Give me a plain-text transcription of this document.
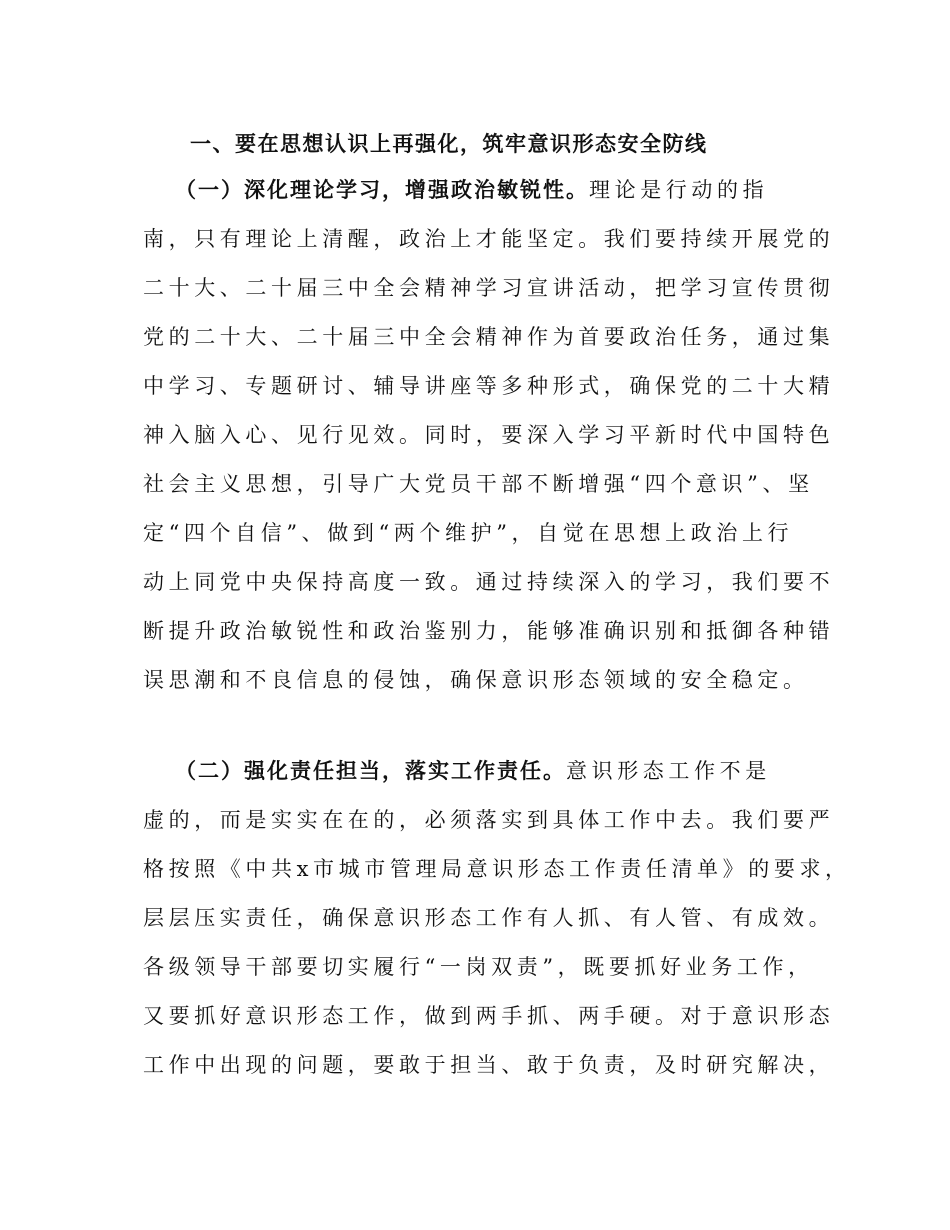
一、要在思想认识上再强化，筑牢意识形态安全防线
（一）深化理论学习，增强政治敏锐性。理论是行动的指
南，只有理论上清醒，政治上才能坚定。我们要持续开展党的
二十大、二十届三中全会精神学习宣讲活动，把学习宣传贯彻
党的二十大、二十届三中全会精神作为首要政治任务，通过集
中学习、专题研讨、辅导讲座等多种形式，确保党的二十大精
神入脑入心、见行见效。同时，要深入学习平新时代中国特色
社会主义思想，引导广大党员干部不断增强“四个意识”、坚
定“四个自信”、做到“两个维护”，自觉在思想上政治上行
动上同党中央保持高度一致。通过持续深入的学习，我们要不
断提升政治敏锐性和政治鉴别力，能够准确识别和抵御各种错
误思潮和不良信息的侵蚀，确保意识形态领域的安全稳定。
（二）强化责任担当，落实工作责任。意识形态工作不是
虚的，而是实实在在的，必须落实到具体工作中去。我们要严
格按照《中共x市城市管理局意识形态工作责任清单》的要求，
层层压实责任，确保意识形态工作有人抓、有人管、有成效。
各级领导干部要切实履行“一岗双责”，既要抓好业务工作，
又要抓好意识形态工作，做到两手抓、两手硬。对于意识形态
工作中出现的问题，要敢于担当、敢于负责，及时研究解决，
